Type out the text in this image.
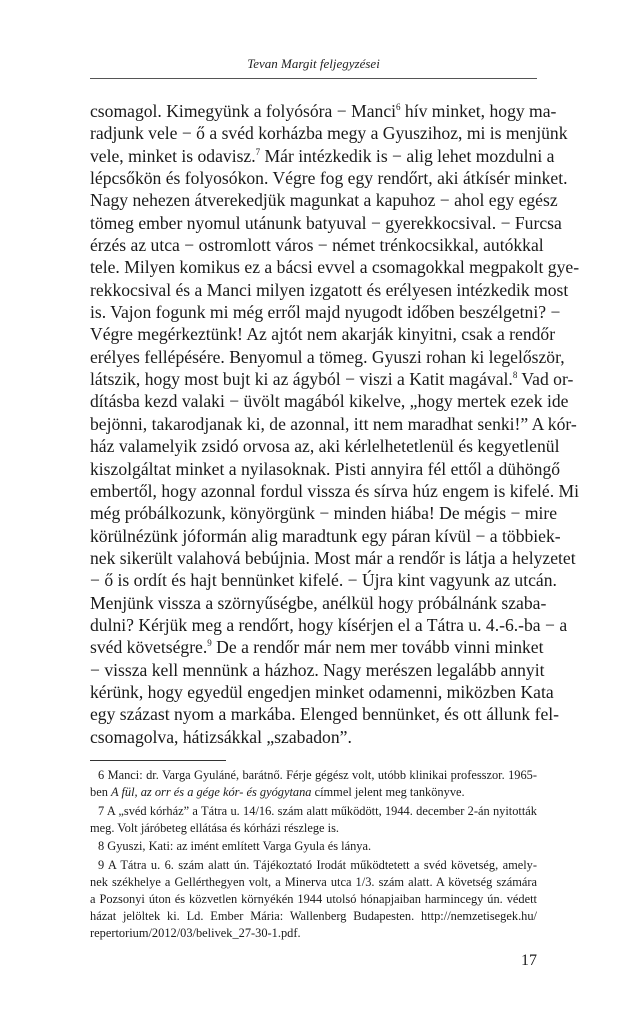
Tevan Margit feljegyzései
csomagol. Kimegyünk a folyósóra − Manci$^6$ hív minket, hogy ma-
radjunk vele − ő a svéd korházba megy a Gyuszihoz, mi is menjünk
vele, minket is odavisz.$^7$ Már intézkedik is − alig lehet mozdulni a
lépcsőkön és folyosókon. Végre fog egy rendőrt, aki átkísér minket.
Nagy nehezen átverekedjük magunkat a kapuhoz − ahol egy egész
tömeg ember nyomul utánunk batyuval − gyerekkocsival. − Furcsa
érzés az utca − ostromlott város − német trénkocsikkal, autókkal
tele. Milyen komikus ez a bácsi evvel a csomagokkal megpakolt gye-
rekkocsival és a Manci milyen izgatott és erélyesen intézkedik most
is. Vajon fogunk mi még erről majd nyugodt időben beszélgetni? −
Végre megérkeztünk! Az ajtót nem akarják kinyitni, csak a rendőr
erélyes fellépésére. Benyomul a tömeg. Gyuszi rohan ki legelőször,
látszik, hogy most bujt ki az ágyból − viszi a Katit magával.$^8$ Vad or-
dításba kezd valaki − üvölt magából kikelve, „hogy mertek ezek ide
bejönni, takarodjanak ki, de azonnal, itt nem maradhat senki!” A kór-
ház valamelyik zsidó orvosa az, aki kérlelhetetlenül és kegyetlenül
kiszolgáltat minket a nyilasoknak. Pisti annyira fél ettől a dühöngő
embertől, hogy azonnal fordul vissza és sírva húz engem is kifelé. Mi
még próbálkozunk, könyörgünk − minden hiába! De mégis − mire
körülnézünk jóformán alig maradtunk egy páran kívül − a többiek-
nek sikerült valahová bebújnia. Most már a rendőr is látja a helyzetet
− ő is ordít és hajt bennünket kifelé. − Újra kint vagyunk az utcán.
Menjünk vissza a szörnyűségbe, anélkül hogy próbálnánk szaba-
dulni? Kérjük meg a rendőrt, hogy kísérjen el a Tátra u. 4.-6.-ba − a
svéd követségre.$^9$ De a rendőr már nem mer tovább vinni minket
− vissza kell mennünk a házhoz. Nagy merészen legalább annyit
kérünk, hogy egyedül engedjen minket odamenni, miközben Kata
egy százast nyom a markába. Elenged bennünket, és ott állunk fel-
csomagolva, hátizsákkal „szabadon”.
6 Manci: dr. Varga Gyuláné, barátnő. Férje gégész volt, utóbb klinikai professzor. 1965-
ben A fül, az orr és a gége kór- és gyógytana címmel jelent meg tankönyve.
7 A „svéd kórház” a Tátra u. 14/16. szám alatt működött, 1944. december 2-án nyitották
meg. Volt járóbeteg ellátása és kórházi részlege is.
8 Gyuszi, Kati: az imént említett Varga Gyula és lánya.
9 A Tátra u. 6. szám alatt ún. Tájékoztató Irodát működtetett a svéd követség, amely-
nek székhelye a Gellérthegyen volt, a Minerva utca 1/3. szám alatt. A követség számára
a Pozsonyi úton és közvetlen környékén 1944 utolsó hónapjaiban harmincegy ún. védett
házat jelöltek ki. Ld. Ember Mária: Wallenberg Budapesten. http://nemzetisegek.hu/
repertorium/2012/03/belivek_27-30-1.pdf.
17
